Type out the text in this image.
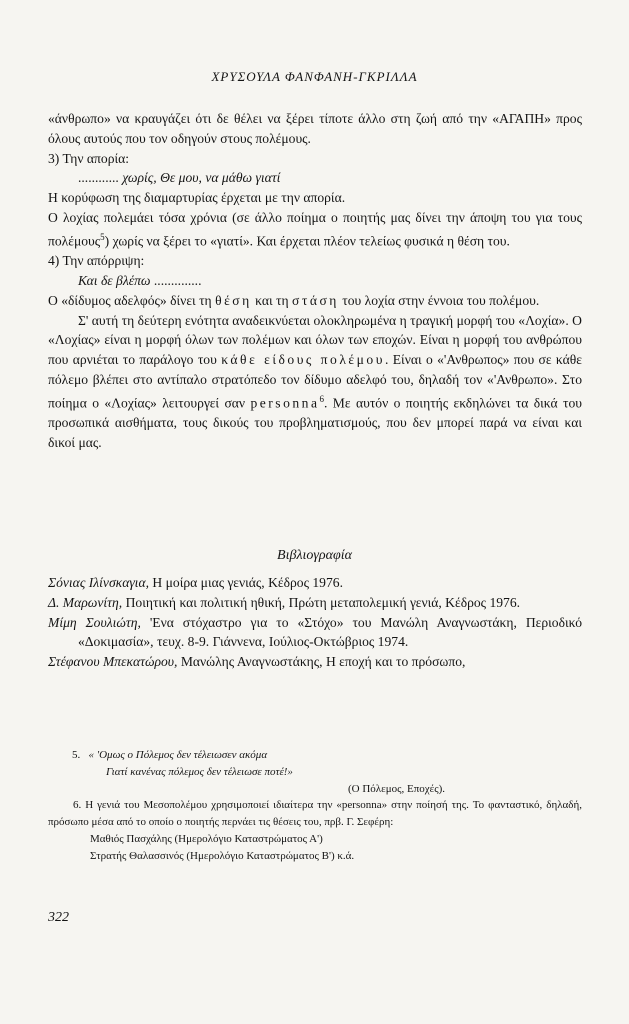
ΧΡΥΣΟΥΛΑ ΦΑΝΦΑΝΗ-ΓΚΡΙΛΛΑ

«άνθρωπο» να κραυγάζει ότι δε θέλει να ξέρει τίποτε άλλο στη ζωή από την «ΑΓΑΠΗ» προς όλους αυτούς που τον οδηγούν στους πολέμους.

3) Την απορία:

............ χωρίς, Θε μου, να μάθω γιατί

Η κορύφωση της διαμαρτυρίας έρχεται με την απορία.

Ο λοχίας πολεμάει τόσα χρόνια (σε άλλο ποίημα ο ποιητής μας δίνει την άποψη του για τους πολέμους$^5$) χωρίς να ξέρει το «γιατί». Και έρχεται πλέον τελείως φυσικά η θέση του.

4) Την απόρριψη:

Και δε βλέπω ..............

Ο «δίδυμος αδελφός» δίνει τη θέση και τη στάση του λοχία στην έννοια του πολέμου.

Σ' αυτή τη δεύτερη ενότητα αναδεικνύεται ολοκληρωμένα η τραγική μορφή του «Λοχία». Ο «Λοχίας» είναι η μορφή όλων των πολέμων και όλων των εποχών. Είναι η μορφή του ανθρώπου που αρνιέται το παράλογο του κάθε είδους πολέμου. Είναι ο «'Ανθρωπος» που σε κάθε πόλεμο βλέπει στο αντίπαλο στρατόπεδο τον δίδυμο αδελφό του, δηλαδή τον «'Ανθρωπο». Στο ποίημα ο «Λοχίας» λειτουργεί σαν personna$^6$. Με αυτόν ο ποιητής εκδηλώνει τα δικά του προσωπικά αισθήματα, τους δικούς του προβληματισμούς, που δεν μπορεί παρά να είναι και δικοί μας.

Βιβλιογραφία

Σόνιας Ιλίνσκαγια, Η μοίρα μιας γενιάς, Κέδρος 1976.

Δ. Μαρωνίτη, Ποιητική και πολιτική ηθική, Πρώτη μεταπολεμική γενιά, Κέδρος 1976.

Μίμη Σουλιώτη, 'Ενα στόχαστρο για το «Στόχο» του Μανώλη Αναγνωστάκη, Περιοδικό «Δοκιμασία», τευχ. 8-9. Γιάννενα, Ιούλιος-Οκτώβριος 1974.

Στέφανου Μπεκατώρου, Μανώλης Αναγνωστάκης, Η εποχή και το πρόσωπο,

5. « 'Ομως ο Πόλεμος δεν τέλειωσεν ακόμα

Γιατί κανένας πόλεμος δεν τέλειωσε ποτέ!»

(Ο Πόλεμος, Εποχές).

6. Η γενιά του Μεσοπολέμου χρησιμοποιεί ιδιαίτερα την «personna» στην ποίησή της. Το φανταστικό, δηλαδή, πρόσωπο μέσα από το οποίο ο ποιητής περνάει τις θέσεις του, πρβ. Γ. Σεφέρη:

Μαθιός Πασχάλης (Ημερολόγιο Καταστρώματος Α')

Στρατής Θαλασσινός (Ημερολόγιο Καταστρώματος Β') κ.ά.

322
